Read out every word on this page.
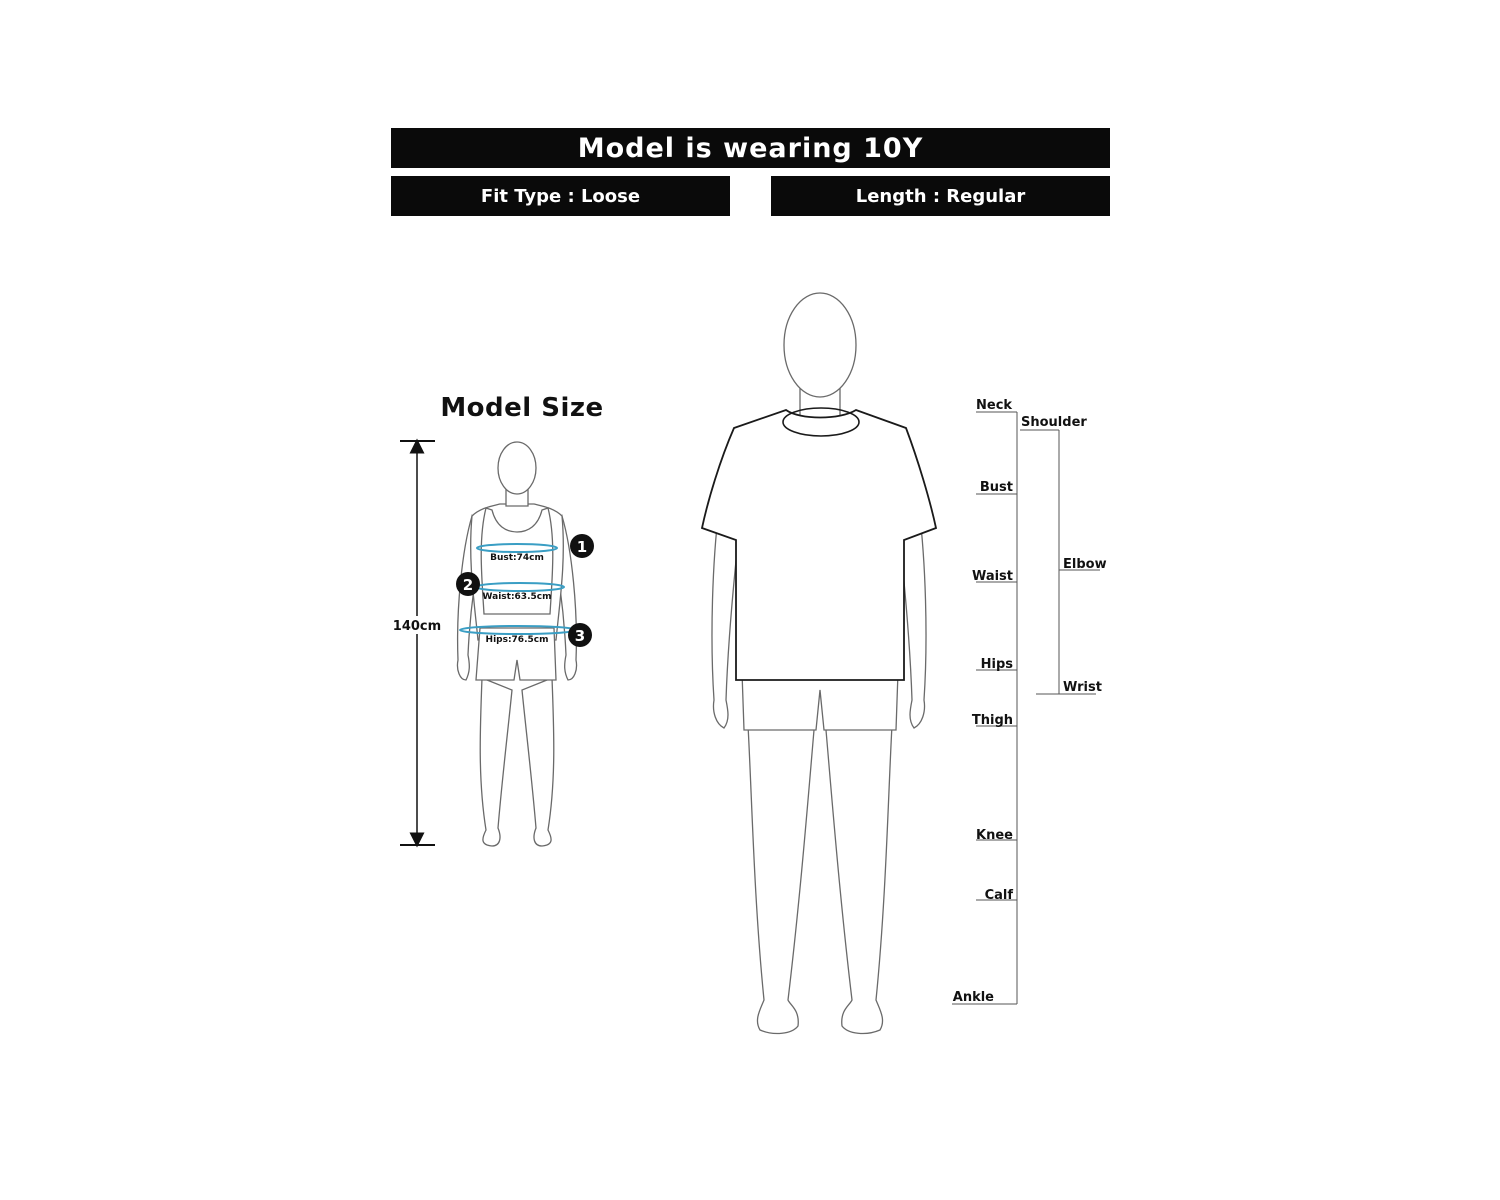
Model is wearing 10Y
Fit Type : Loose	Length : Regular
Model Size
Bust:74cm
Waist:63.5cm
Hips:76.5cm
1
2
3
140cm
Neck
Shoulder
Bust
Waist
Elbow
Hips
Wrist
Thigh
Knee
Calf
Ankle
